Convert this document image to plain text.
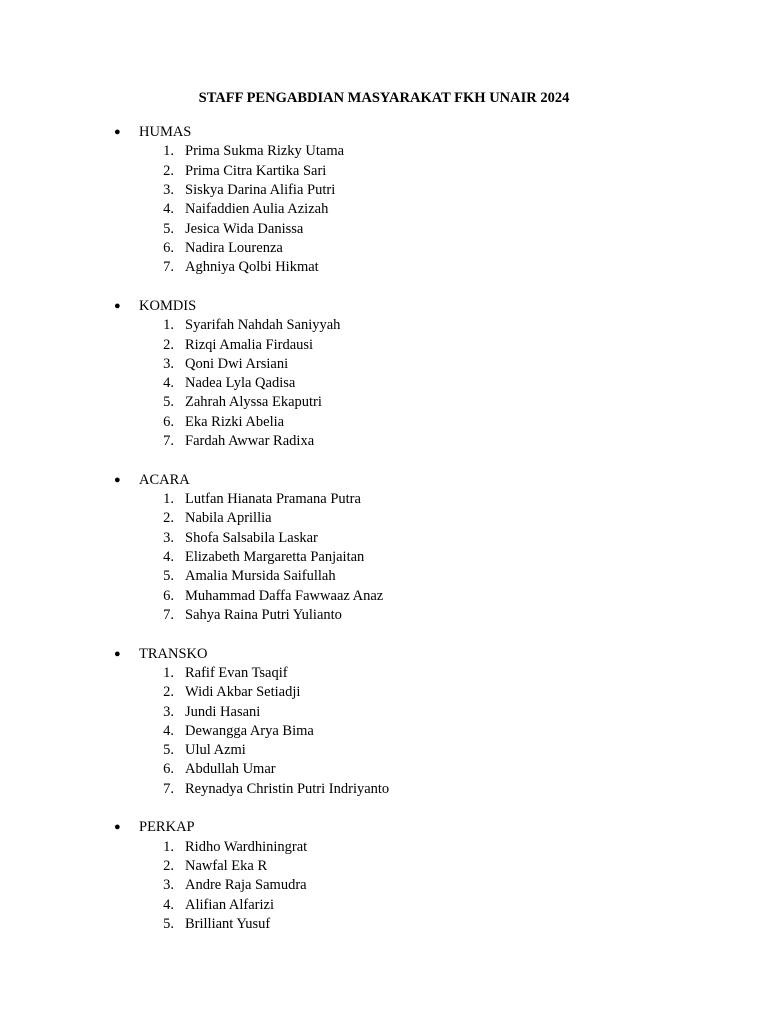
STAFF PENGABDIAN MASYARAKAT FKH UNAIR 2024
● HUMAS
1. Prima Sukma Rizky Utama
2. Prima Citra Kartika Sari
3. Siskya Darina Alifia Putri
4. Naifaddien Aulia Azizah
5. Jesica Wida Danissa
6. Nadira Lourenza
7. Aghniya Qolbi Hikmat
● KOMDIS
1. Syarifah Nahdah Saniyyah
2. Rizqi Amalia Firdausi
3. Qoni Dwi Arsiani
4. Nadea Lyla Qadisa
5. Zahrah Alyssa Ekaputri
6. Eka Rizki Abelia
7. Fardah Awwar Radixa
● ACARA
1. Lutfan Hianata Pramana Putra
2. Nabila Aprillia
3. Shofa Salsabila Laskar
4. Elizabeth Margaretta Panjaitan
5. Amalia Mursida Saifullah
6. Muhammad Daffa Fawwaaz Anaz
7. Sahya Raina Putri Yulianto
● TRANSKO
1. Rafif Evan Tsaqif
2. Widi Akbar Setiadji
3. Jundi Hasani
4. Dewangga Arya Bima
5. Ulul Azmi
6. Abdullah Umar
7. Reynadya Christin Putri Indriyanto
● PERKAP
1. Ridho Wardhiningrat
2. Nawfal Eka R
3. Andre Raja Samudra
4. Alifian Alfarizi
5. Brilliant Yusuf
